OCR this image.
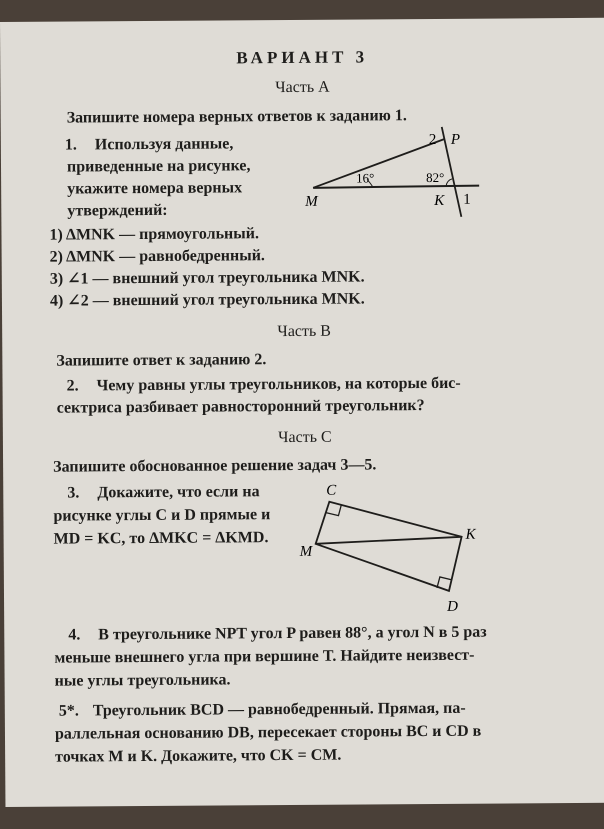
ВАРИАНТ 3
Часть А
Запишите номера верных ответов к заданию 1.
1. Используя данные,
приведенные на рисунке,
укажите номера верных
утверждений:
16°	82°
M	K
P
1
2
1) ΔMNK — прямоугольный.
2) ΔMNK — равнобедренный.
3) ∠1 — внешний угол треугольника MNK.
4) ∠2 — внешний угол треугольника MNK.
Часть В
Запишите ответ к заданию 2.
2. Чему равны углы треугольников, на которые бис-
сектриса разбивает равносторонний треугольник?
Часть С
Запишите обоснованное решение задач 3—5.
3. Докажите, что если на
рисунке углы C и D прямые и
MD = KC, то ΔMKC = ΔKMD.
C
M
K
D
4. В треугольнике NPT угол P равен 88°, а угол N в 5 раз
меньше внешнего угла при вершине T. Найдите неизвест-
ные углы треугольника.
5*. Треугольник BCD — равнобедренный. Прямая, па-
раллельная основанию DB, пересекает стороны BC и CD в
точках M и K. Докажите, что CK = CM.
